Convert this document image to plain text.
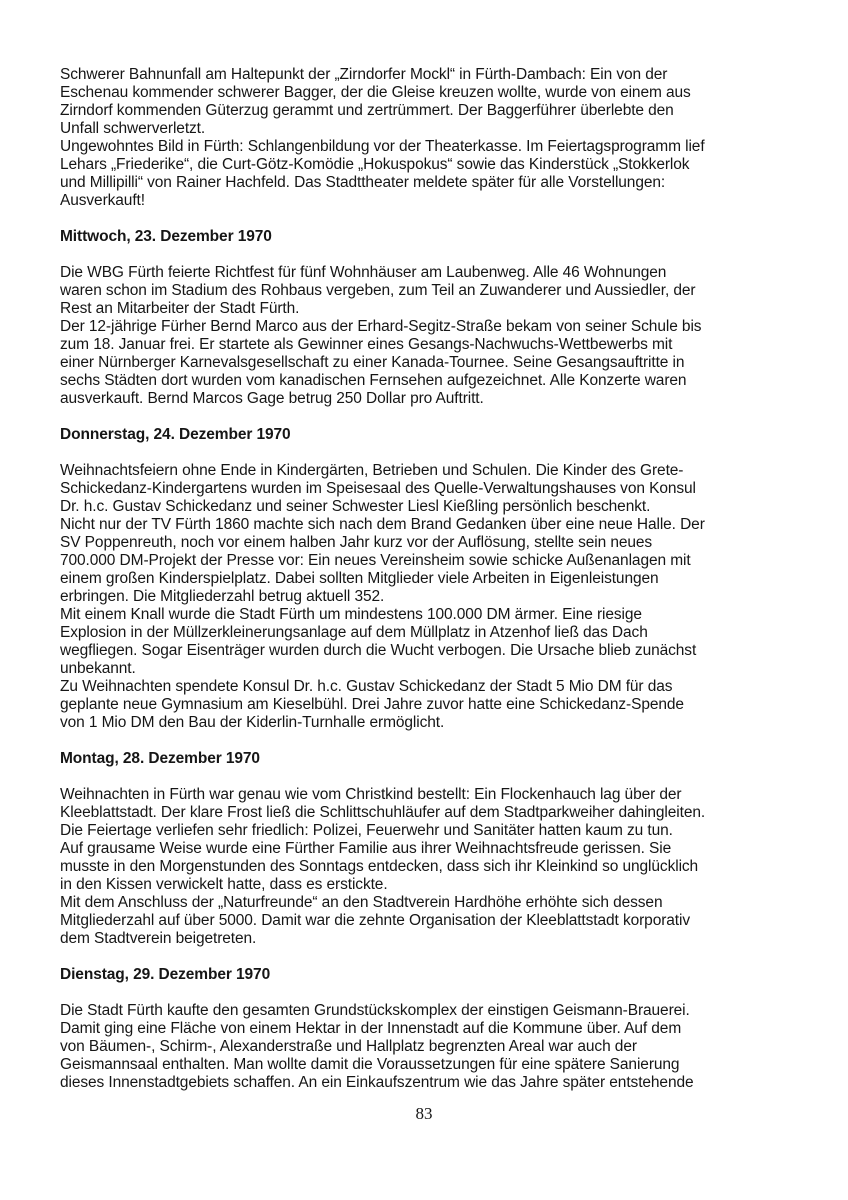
Schwerer Bahnunfall am Haltepunkt der „Zirndorfer Mockl“ in Fürth-Dambach: Ein von der
Eschenau kommender schwerer Bagger, der die Gleise kreuzen wollte, wurde von einem aus
Zirndorf kommenden Güterzug gerammt und zertrümmert. Der Baggerführer überlebte den
Unfall schwerverletzt.
Ungewohntes Bild in Fürth: Schlangenbildung vor der Theaterkasse. Im Feiertagsprogramm lief
Lehars „Friederike“, die Curt-Götz-Komödie „Hokuspokus“ sowie das Kinderstück „Stokkerlok
und Millipilli“ von Rainer Hachfeld. Das Stadttheater meldete später für alle Vorstellungen:
Ausverkauft!
Mittwoch, 23. Dezember 1970
Die WBG Fürth feierte Richtfest für fünf Wohnhäuser am Laubenweg. Alle 46 Wohnungen
waren schon im Stadium des Rohbaus vergeben, zum Teil an Zuwanderer und Aussiedler, der
Rest an Mitarbeiter der Stadt Fürth.
Der 12-jährige Fürher Bernd Marco aus der Erhard-Segitz-Straße bekam von seiner Schule bis
zum 18. Januar frei. Er startete als Gewinner eines Gesangs-Nachwuchs-Wettbewerbs mit
einer Nürnberger Karnevalsgesellschaft zu einer Kanada-Tournee. Seine Gesangsauftritte in
sechs Städten dort wurden vom kanadischen Fernsehen aufgezeichnet. Alle Konzerte waren
ausverkauft. Bernd Marcos Gage betrug 250 Dollar pro Auftritt.
Donnerstag, 24. Dezember 1970
Weihnachtsfeiern ohne Ende in Kindergärten, Betrieben und Schulen. Die Kinder des Grete-
Schickedanz-Kindergartens wurden im Speisesaal des Quelle-Verwaltungshauses von Konsul
Dr. h.c. Gustav Schickedanz und seiner Schwester Liesl Kießling persönlich beschenkt.
Nicht nur der TV Fürth 1860 machte sich nach dem Brand Gedanken über eine neue Halle. Der
SV Poppenreuth, noch vor einem halben Jahr kurz vor der Auflösung, stellte sein neues
700.000 DM-Projekt der Presse vor: Ein neues Vereinsheim sowie schicke Außenanlagen mit
einem großen Kinderspielplatz. Dabei sollten Mitglieder viele Arbeiten in Eigenleistungen
erbringen. Die Mitgliederzahl betrug aktuell 352.
Mit einem Knall wurde die Stadt Fürth um mindestens 100.000 DM ärmer. Eine riesige
Explosion in der Müllzerkleinerungsanlage auf dem Müllplatz in Atzenhof ließ das Dach
wegfliegen. Sogar Eisenträger wurden durch die Wucht verbogen. Die Ursache blieb zunächst
unbekannt.
Zu Weihnachten spendete Konsul Dr. h.c. Gustav Schickedanz der Stadt 5 Mio DM für das
geplante neue Gymnasium am Kieselbühl. Drei Jahre zuvor hatte eine Schickedanz-Spende
von 1 Mio DM den Bau der Kiderlin-Turnhalle ermöglicht.
Montag, 28. Dezember 1970
Weihnachten in Fürth war genau wie vom Christkind bestellt: Ein Flockenhauch lag über der
Kleeblattstadt. Der klare Frost ließ die Schlittschuhläufer auf dem Stadtparkweiher dahingleiten.
Die Feiertage verliefen sehr friedlich: Polizei, Feuerwehr und Sanitäter hatten kaum zu tun.
Auf grausame Weise wurde eine Fürther Familie aus ihrer Weihnachtsfreude gerissen. Sie
musste in den Morgenstunden des Sonntags entdecken, dass sich ihr Kleinkind so unglücklich
in den Kissen verwickelt hatte, dass es erstickte.
Mit dem Anschluss der „Naturfreunde“ an den Stadtverein Hardhöhe erhöhte sich dessen
Mitgliederzahl auf über 5000. Damit war die zehnte Organisation der Kleeblattstadt korporativ
dem Stadtverein beigetreten.
Dienstag, 29. Dezember 1970
Die Stadt Fürth kaufte den gesamten Grundstückskomplex der einstigen Geismann-Brauerei.
Damit ging eine Fläche von einem Hektar in der Innenstadt auf die Kommune über. Auf dem
von Bäumen-, Schirm-, Alexanderstraße und Hallplatz begrenzten Areal war auch der
Geismannsaal enthalten. Man wollte damit die Voraussetzungen für eine spätere Sanierung
dieses Innenstadtgebiets schaffen. An ein Einkaufszentrum wie das Jahre später entstehende
83
